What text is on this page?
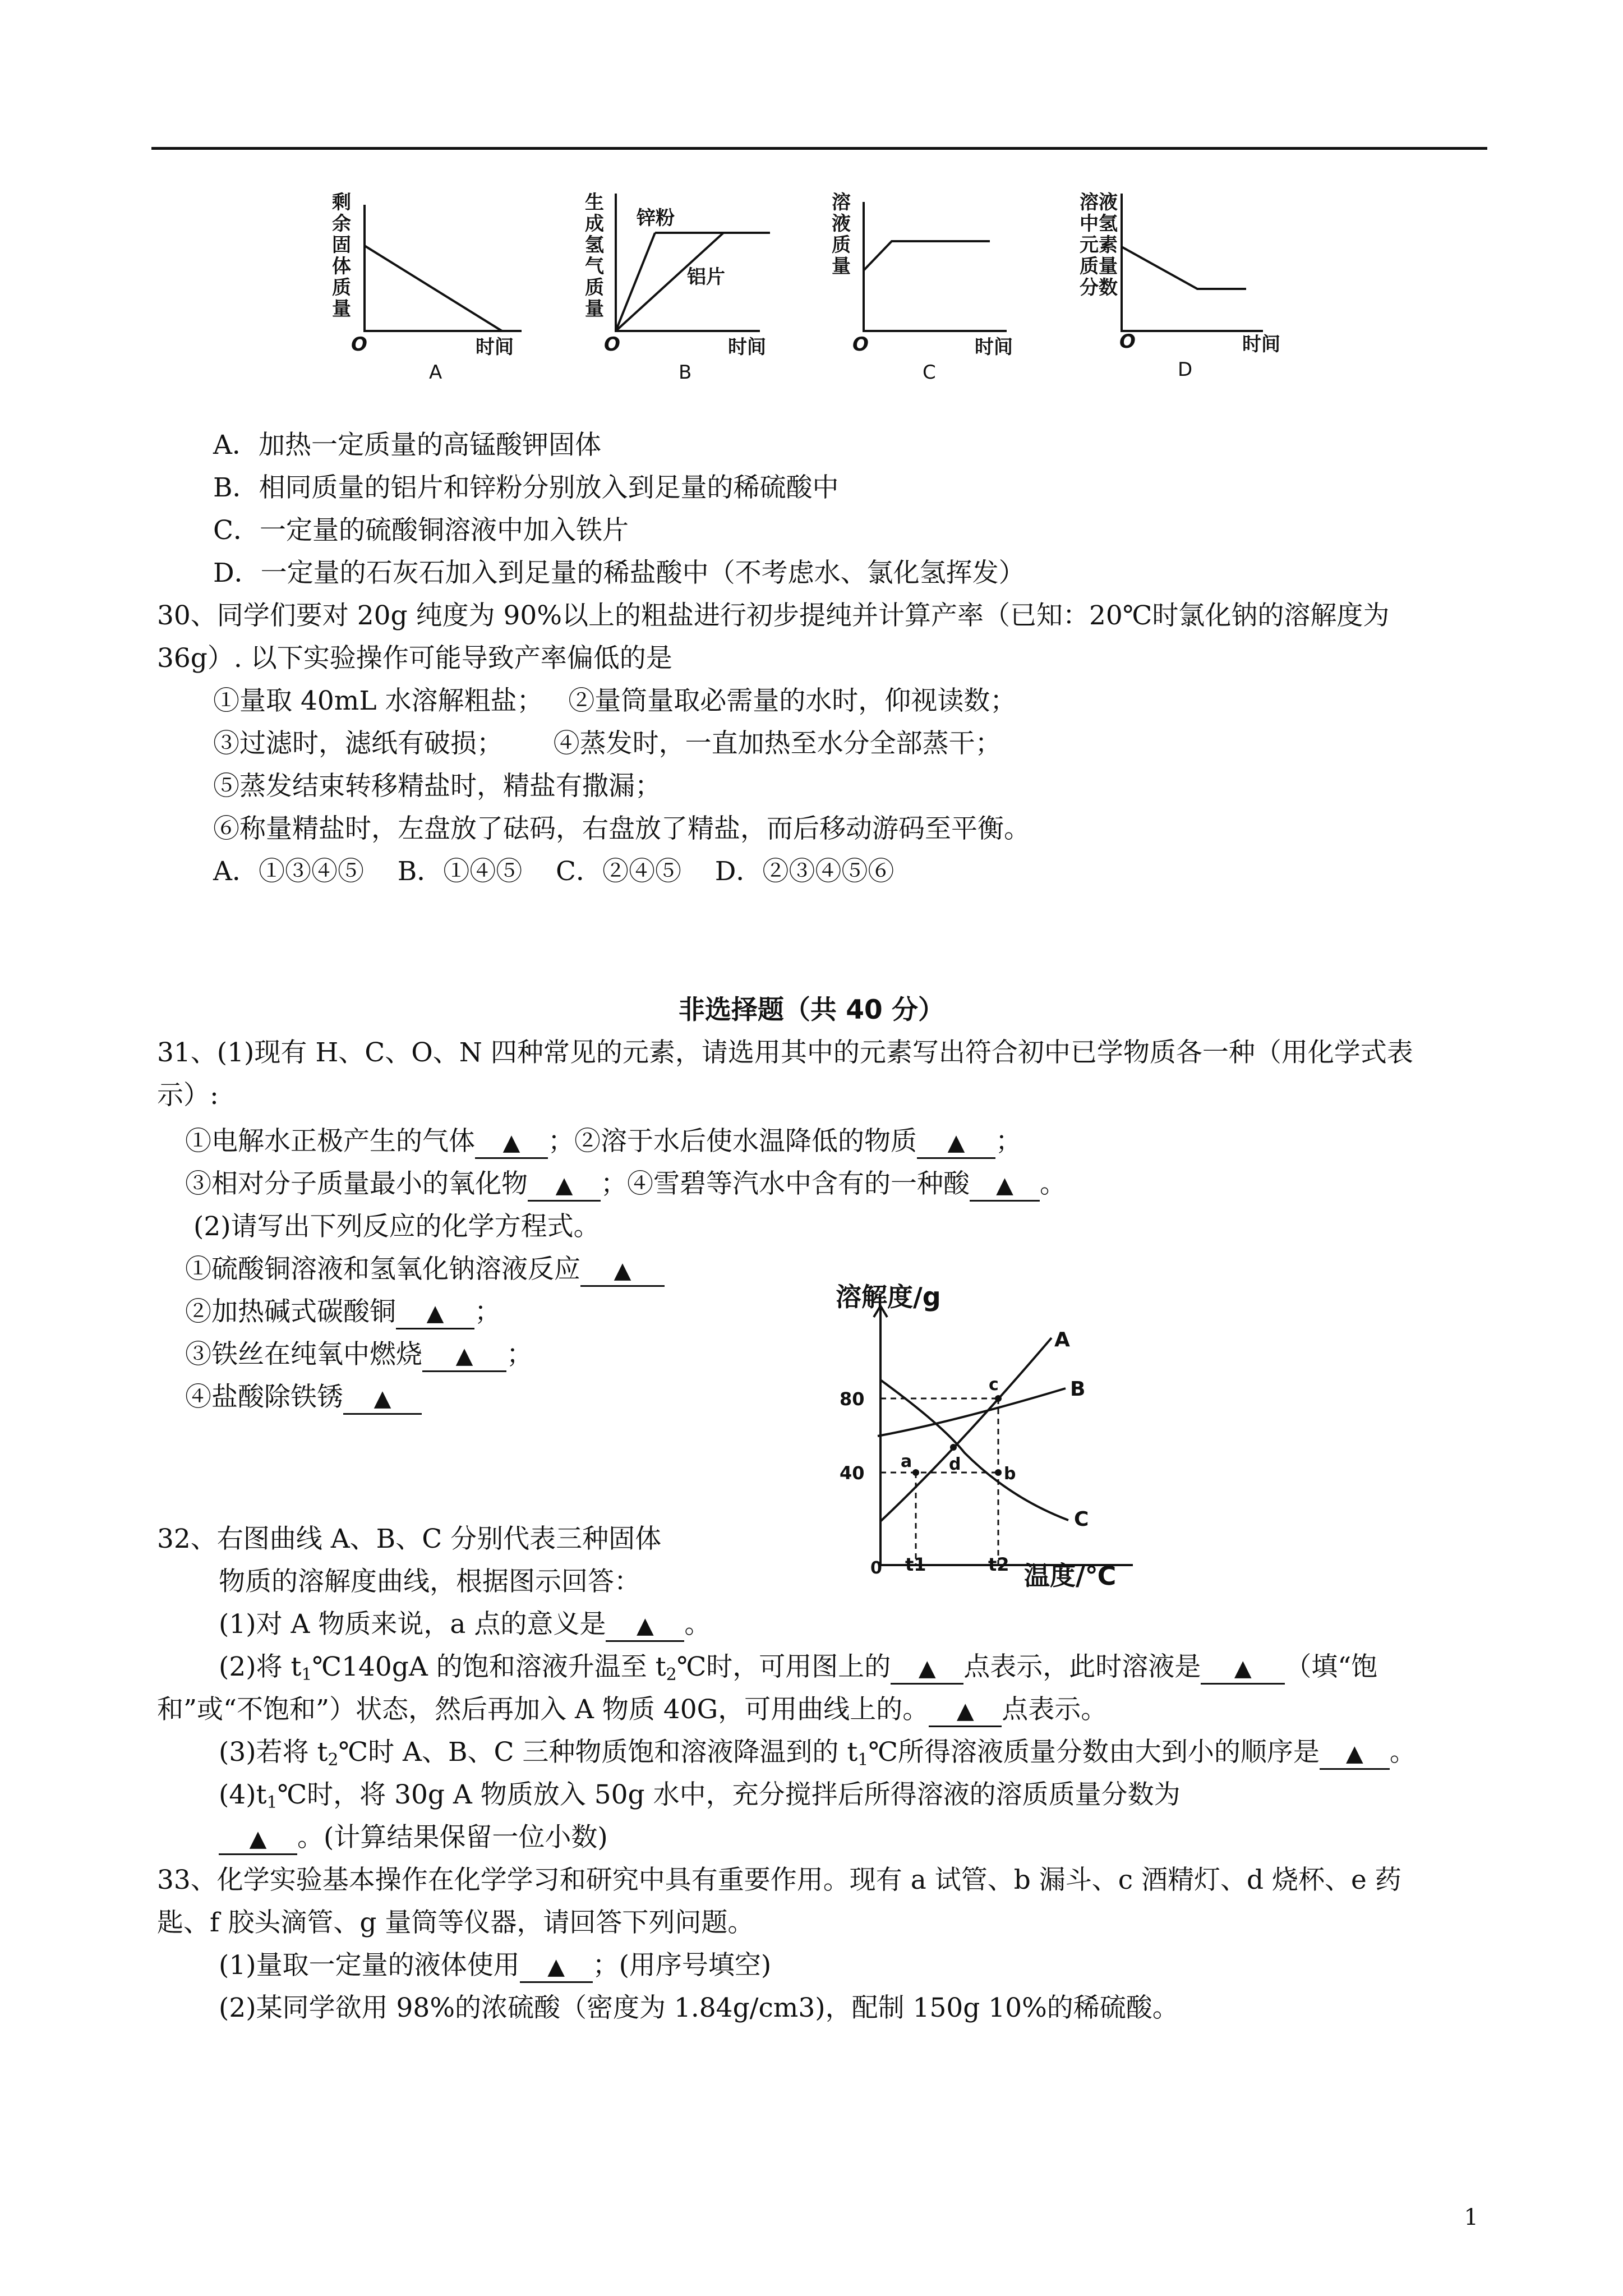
剩
余
固
体
质
量
O	时间
A
生
成
氢
气
质
量
锌粉
铝片
O	时间
B
溶
液
质
量
O	时间
C
溶液
中氢
元素
质量
分数
O	时间
D
A．加热一定质量的高锰酸钾固体
B．相同质量的铝片和锌粉分别放入到足量的稀硫酸中
C．一定量的硫酸铜溶液中加入铁片
D．一定量的石灰石加入到足量的稀盐酸中（不考虑水、氯化氢挥发）
30、同学们要对 20g 纯度为 90%以上的粗盐进行初步提纯并计算产率（已知：20℃时氯化钠的溶解度为
36g）. 以下实验操作可能导致产率偏低的是
①量取 40mL 水溶解粗盐；   ②量筒量取必需量的水时，仰视读数；
③过滤时，滤纸有破损；      ④蒸发时，一直加热至水分全部蒸干；
⑤蒸发结束转移精盐时，精盐有撒漏；
⑥称量精盐时，左盘放了砝码，右盘放了精盐，而后移动游码至平衡。
A．①③④⑤    B．①④⑤    C．②④⑤    D．②③④⑤⑥
非选择题（共 40 分）
31、(1)现有 H、C、O、N 四种常见的元素，请选用其中的元素写出符合初中已学物质各一种（用化学式表
示）:
①电解水正极产生的气体 ▲ ；②溶于水后使水温降低的物质 ▲ ；
③相对分子质量最小的氧化物 ▲ ；④雪碧等汽水中含有的一种酸 ▲ 。
(2)请写出下列反应的化学方程式。
①硫酸铜溶液和氢氧化钠溶液反应 ▲
②加热碱式碳酸铜 ▲ ；
③铁丝在纯氧中燃烧 ▲ ；
④盐酸除铁锈 ▲
溶解度/g
温度/℃
0
80
40
t1	t2
A
B
C
a
b
c
d
32、右图曲线 A、B、C 分别代表三种固体
物质的溶解度曲线，根据图示回答：
(1)对 A 物质来说，a 点的意义是 ▲ 。
(2)将 $t_1℃140gA$ 的饱和溶液升温至 $t_2℃$时，可用图上的 ▲ 点表示，此时溶液是 ▲ （填“饱
和”或“不饱和”）状态，然后再加入 A 物质 40G，可用曲线上的。 ▲ 点表示。
(3)若将 $t_2℃$时 A、B、C 三种物质饱和溶液降温到的 $t_1℃$所得溶液质量分数由大到小的顺序是 ▲ 。
$(4)t_1℃$时，将 30g A 物质放入 50g 水中，充分搅拌后所得溶液的溶质质量分数为
▲ 。(计算结果保留一位小数)
33、化学实验基本操作在化学学习和研究中具有重要作用。现有 a 试管、b 漏斗、c 酒精灯、d 烧杯、e 药
匙、f 胶头滴管、g 量筒等仪器，请回答下列问题。
(1)量取一定量的液体使用 ▲ ；(用序号填空)
(2)某同学欲用 98%的浓硫酸（密度为 1.84g/cm3)，配制 150g 10%的稀硫酸。
1
